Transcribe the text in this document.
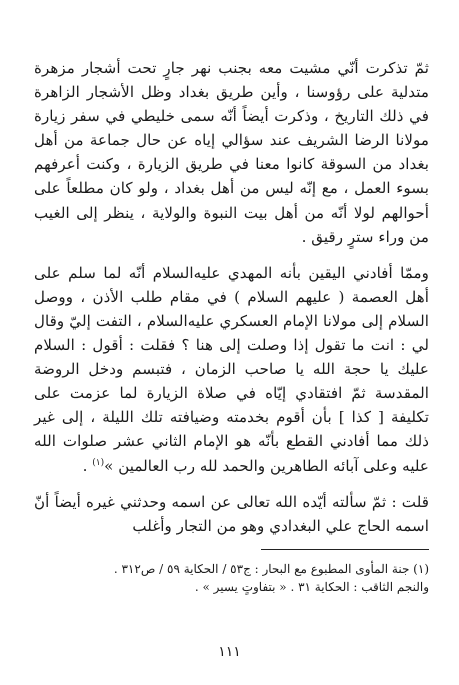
ثمّ تذكرت أنّي مشيت معه بجنب نهر جارٍ تحت أشجار مزهرة متدلية على رؤوسنا ، وأين طريق بغداد وظل الأشجار الزاهرة في ذلك التاريخ ، وذكرت أيضاً أنّه سمى خليطي في سفر زيارة مولانا الرضا الشريف عند سؤالي إياه عن حال جماعة من أهل بغداد من السوقة كانوا معنا في طريق الزيارة ، وكنت أعرفهم بسوء العمل ، مع إنّه ليس من أهل بغداد ، ولو كان مطلعاً على أحوالهم لولا أنّه من أهل بيت النبوة والولاية ، ينظر إلى الغيب من وراء سترٍ رقيق .

وممّا أفادني اليقين بأنه المهدي عليه‌السلام أنّه لما سلم على أهل العصمة ( عليهم السلام ) في مقام طلب الأذن ، ووصل السلام إلى مولانا الإمام العسكري عليه‌السلام ، التفت إليّ وقال لي : انت ما تقول إذا وصلت إلى هنا ؟ فقلت : أقول : السلام عليك يا حجة الله يا صاحب الزمان ، فتبسم ودخل الروضة المقدسة ثمّ افتقادي إيّاه في صلاة الزيارة لما عزمت على تكليفة [ كذا ] بأن أقوم بخدمته وضيافته تلك الليلة ، إلى غير ذلك مما أفادني القطع بأنّه هو الإمام الثاني عشر صلوات الله عليه وعلى آبائه الطاهرين والحمد لله رب العالمين »$^{(١)}$ .

قلت : ثمّ سألته أيّده الله تعالى عن اسمه وحدثني غيره أيضاً أنّ اسمه الحاج علي البغدادي وهو من التجار وأغلب

(١) جنة المأوى المطبوع مع البحار : ج٥٣ / الحكاية ٥٩ / ص٣١٢ .
والنجم الثاقب : الحكاية ٣١ . « بتفاوتٍ يسير » .
١١١
